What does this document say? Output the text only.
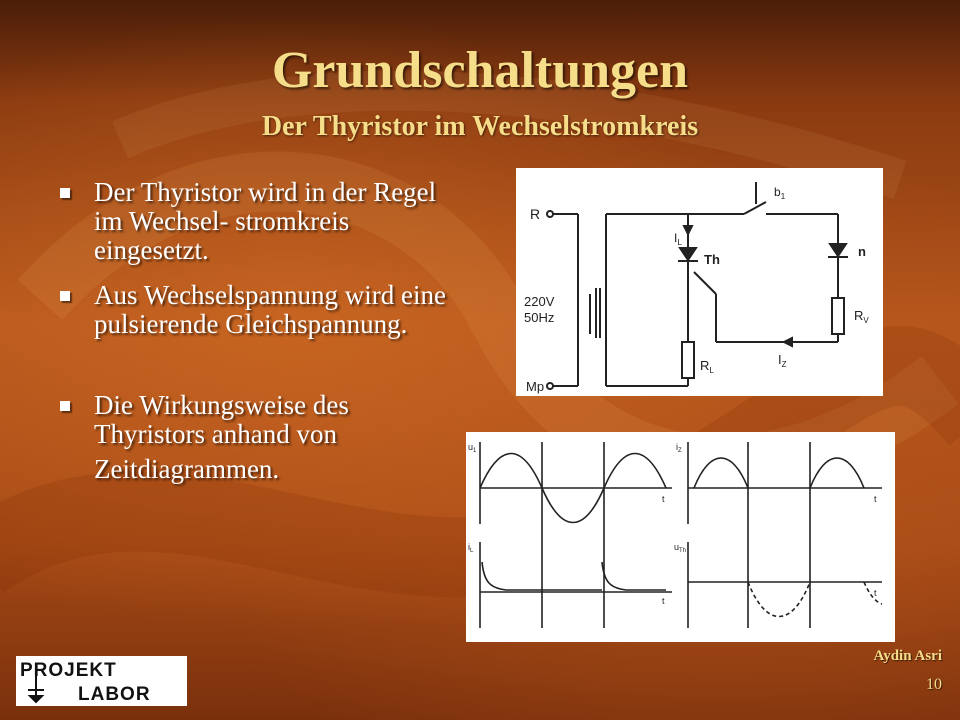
Grundschaltungen
Der Thyristor im Wechselstromkreis
Der Thyristor wird in der Regel im Wechsel- stromkreis eingesetzt.
Aus Wechselspannung wird eine pulsierende Gleichspannung.
Die Wirkungsweise des Thyristors anhand von
Zeitdiagrammen.
R
Mp
220V
50Hz
$b_1$
$I_L$
Th
n
$R_V$
$R_L$
$I_Z$
$u_1$
$i_L$
$i_Z$
$u_{Th}$
t
t
t
t
PROJEKT
LABOR
Aydin Asri
10
